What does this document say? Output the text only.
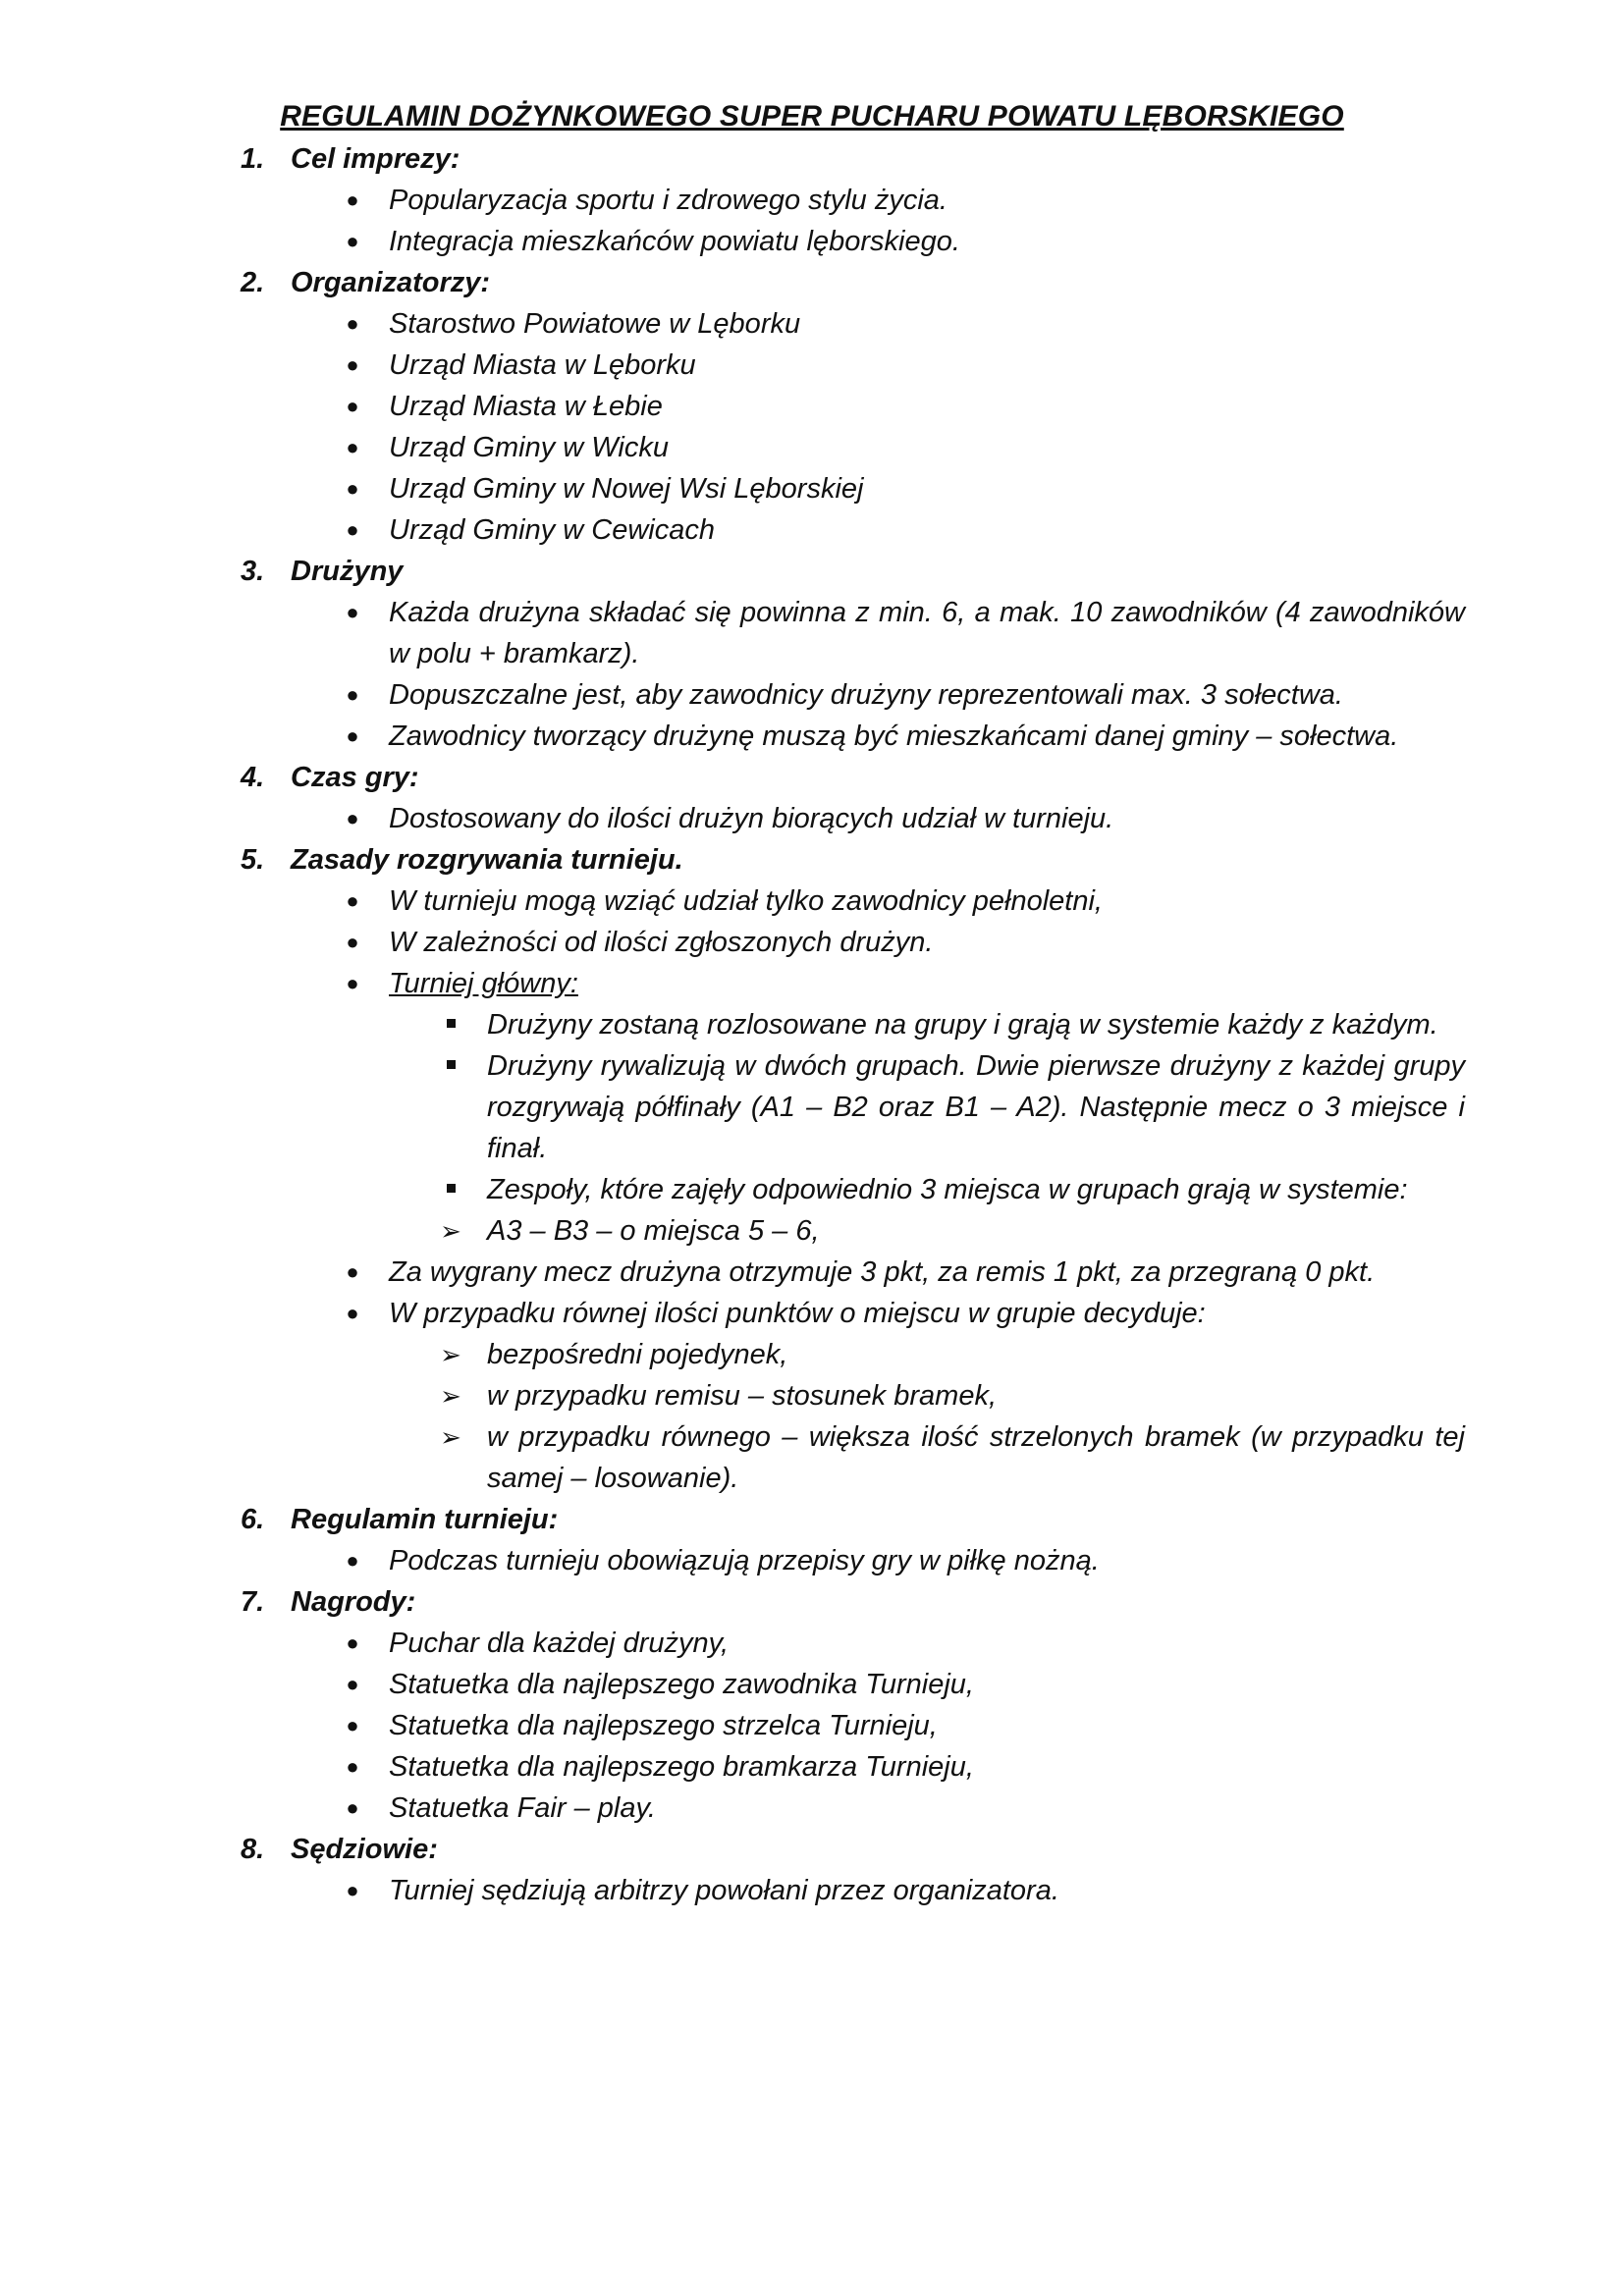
REGULAMIN DOŻYNKOWEGO SUPER PUCHARU POWATU LĘBORSKIEGO
1. Cel imprezy:
● Popularyzacja sportu i zdrowego stylu życia.
● Integracja mieszkańców powiatu lęborskiego.
2. Organizatorzy:
● Starostwo Powiatowe w Lęborku
● Urząd Miasta w Lęborku
● Urząd Miasta w Łebie
● Urząd Gminy w Wicku
● Urząd Gminy w Nowej Wsi Lęborskiej
● Urząd Gminy w Cewicach
3. Drużyny
● Każda drużyna składać się powinna z min. 6, a mak. 10 zawodników (4 zawodników w polu + bramkarz).
● Dopuszczalne jest, aby zawodnicy drużyny reprezentowali max. 3 sołectwa.
● Zawodnicy tworzący drużynę muszą być mieszkańcami danej gminy – sołectwa.
4. Czas gry:
● Dostosowany do ilości drużyn biorących udział w turnieju.
5. Zasady rozgrywania turnieju.
● W turnieju mogą wziąć udział tylko zawodnicy pełnoletni,
● W zależności od ilości zgłoszonych drużyn.
● Turniej główny:
Drużyny zostaną rozlosowane na grupy i grają w systemie każdy z każdym.
Drużyny rywalizują w dwóch grupach. Dwie pierwsze drużyny z każdej grupy rozgrywają półfinały (A1 – B2 oraz B1 – A2). Następnie mecz o 3 miejsce i finał.
Zespoły, które zajęły odpowiednio 3 miejsca w grupach grają w systemie:
➢ A3 – B3 – o miejsca 5 – 6,
● Za wygrany mecz drużyna otrzymuje 3 pkt, za remis 1 pkt, za przegraną 0 pkt.
● W przypadku równej ilości punktów o miejscu w grupie decyduje:
➢ bezpośredni pojedynek,
➢ w przypadku remisu – stosunek bramek,
➢ w przypadku równego – większa ilość strzelonych bramek (w przypadku tej samej – losowanie).
6. Regulamin turnieju:
● Podczas turnieju obowiązują przepisy gry w piłkę nożną.
7. Nagrody:
● Puchar dla każdej drużyny,
● Statuetka dla najlepszego zawodnika Turnieju,
● Statuetka dla najlepszego strzelca Turnieju,
● Statuetka dla najlepszego bramkarza Turnieju,
● Statuetka Fair – play.
8. Sędziowie:
● Turniej sędziują arbitrzy powołani przez organizatora.
